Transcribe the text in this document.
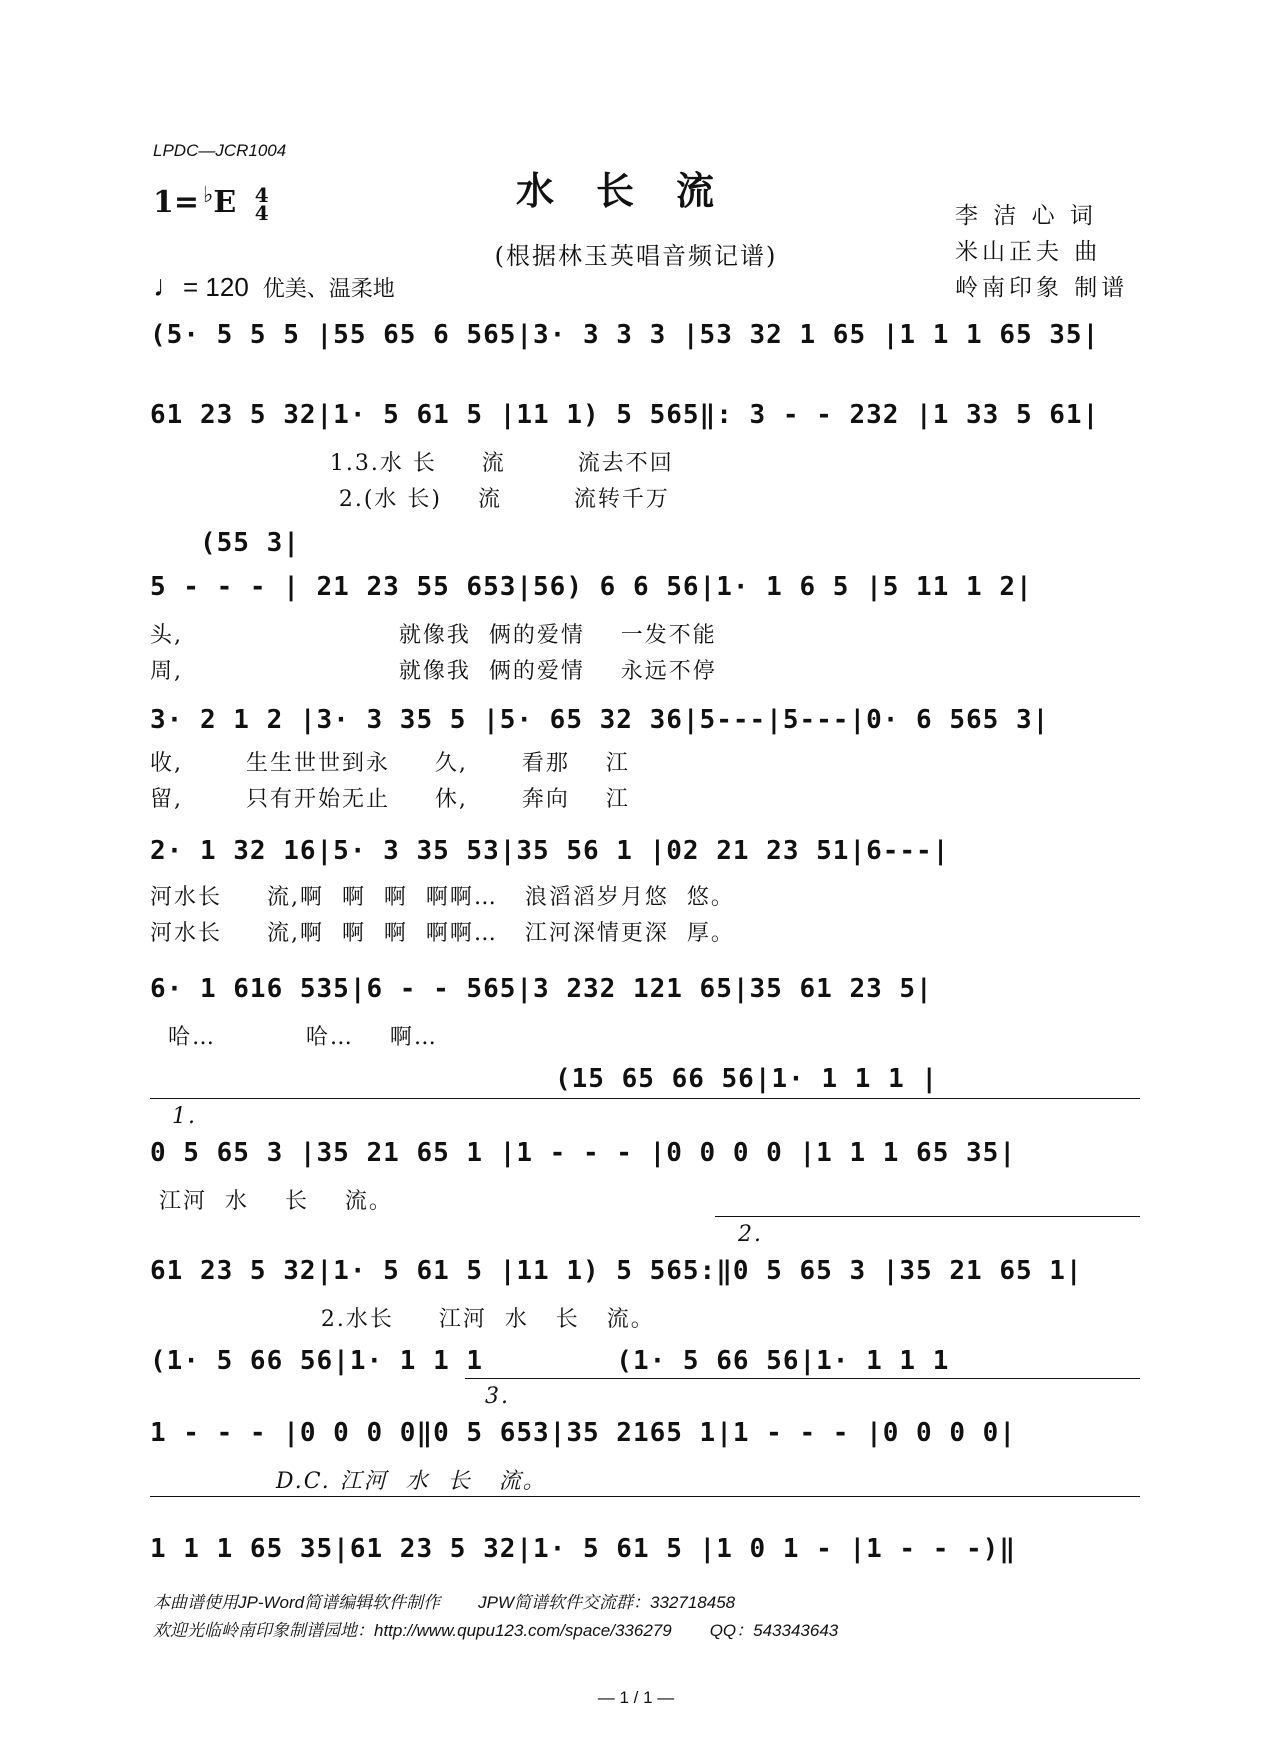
LPDC—JCR1004
水长流
(根据林玉英唱音频记谱)
1= ♭E 4
4
♩= 120 优美、温柔地
李 洁 心 词
米山正夫 曲
岭南印象 制谱
(5· 5 5 5 |55 65 6 565|3· 3 3 3 |53 32 1 65 |1 1 1 65 35|
61 23 5 32|1· 5 61 5 |11 1) 5 565‖: 3 - - 232 |1 33 5 61|
1.3.水 长     流        流去不回
2.(水 长)    流        流转千万
(55 3|
5 - - - | 21 23 55 653|56) 6 6 56|1· 1 6 5 |5 11 1 2|
头,                        就像我  俩的爱情    一发不能
周,                        就像我  俩的爱情    永远不停
3· 2 1 2 |3· 3 35 5 |5· 65 32 36|5---|5---|0· 6 565 3|
收,       生生世世到永     久,      看那    江
留,       只有开始无止     休,      奔向    江
2· 1 32 16|5· 3 35 53|35 56 1 |02 21 23 51|6---|
河水长     流,啊  啊  啊  啊啊…   浪滔滔岁月悠  悠。
河水长     流,啊  啊  啊  啊啊…   江河深情更深  厚。
6· 1 616 535|6 - - 565|3 232 121 65|35 61 23 5|
哈…          哈…    啊…
(15 65 66 56|1· 1 1 1 |
1.
0 5 65 3 |35 21 65 1 |1 - - - |0 0 0 0 |1 1 1 65 35|
江河  水    长    流。
2.
61 23 5 32|1· 5 61 5 |11 1) 5 565:‖0 5 65 3 |35 21 65 1|
2.水长     江河  水   长   流。
(1· 5 66 56|1· 1 1 1        (1· 5 66 56|1· 1 1 1
3.
1 - - - |0 0 0 0‖0 5 653|35 2165 1|1 - - - |0 0 0 0|
D.C. 江河  水  长   流。
1 1 1 65 35|61 23 5 32|1· 5 61 5 |1 0 1 - |1 - - -)‖
本曲谱使用JP-Word简谱编辑软件制作 JPW简谱软件交流群：332718458
欢迎光临岭南印象制谱园地：http://www.qupu123.com/space/336279 QQ：543343643
— 1 / 1 —
